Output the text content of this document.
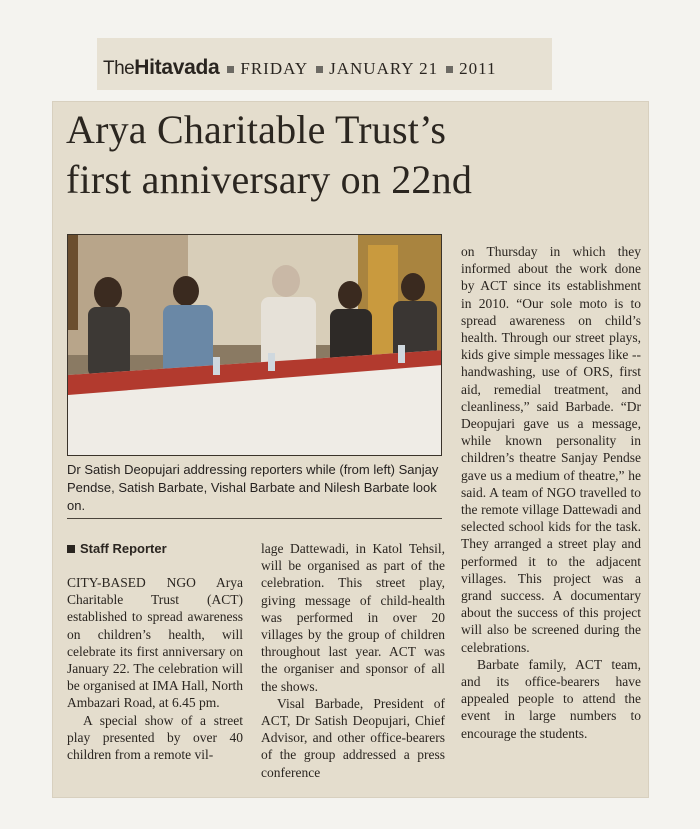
TheHitavada FRIDAY JANUARY 21 2011
Arya Charitable Trust’s
first anniversary on 22nd
Dr Satish Deopujari addressing reporters while (from left) Sanjay Pendse, Satish Barbate, Vishal Barbate and Nilesh Barbate look on.
Staff Reporter

CITY-BASED NGO Arya Charitable Trust (ACT) established to spread awareness on children’s health, will celebrate its first anniversary on January 22. The celebration will be organised at IMA Hall, North Ambazari Road, at 6.45 pm.

A special show of a street play presented by over 40 children from a remote vil-

lage Dattewadi, in Katol Tehsil, will be organised as part of the celebration. This street play, giving message of child-health was performed in over 20 villages by the group of children throughout last year. ACT was the organiser and sponsor of all the shows.

Visal Barbade, President of ACT, Dr Satish Deopujari, Chief Advisor, and other office-bearers of the group addressed a press conference

on Thursday in which they informed about the work done by ACT since its establishment in 2010. “Our sole moto is to spread awareness on child’s health. Through our street plays, kids give simple messages like -- handwashing, use of ORS, first aid, remedial treatment, and cleanliness,” said Barbade. “Dr Deopujari gave us a message, while known personality in children’s theatre Sanjay Pendse gave us a medium of theatre,” he said. A team of NGO travelled to the remote village Dattewadi and selected school kids for the task. They arranged a street play and performed it to the adjacent villages. This project was a grand success. A documentary about the success of this project will also be screened during the celebrations.

Barbate family, ACT team, and its office-bearers have appealed people to attend the event in large numbers to encourage the students.
